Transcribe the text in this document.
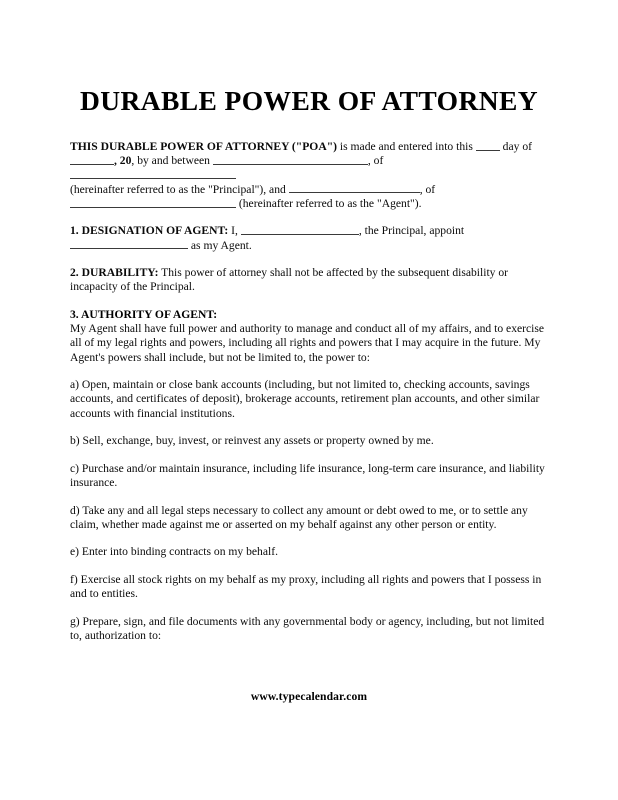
DURABLE POWER OF ATTORNEY

THIS DURABLE POWER OF ATTORNEY ("POA") is made and entered into this  day of , 20, by and between	, of
(hereinafter referred to as the "Principal"), and	, of
(hereinafter referred to as the "Agent").

1. DESIGNATION OF AGENT: I,	, the Principal, appoint
as my Agent.

2. DURABILITY: This power of attorney shall not be affected by the subsequent disability or incapacity of the Principal.

3. AUTHORITY OF AGENT:

My Agent shall have full power and authority to manage and conduct all of my affairs, and to exercise all of my legal rights and powers, including all rights and powers that I may acquire in the future. My Agent's powers shall include, but not be limited to, the power to:

a) Open, maintain or close bank accounts (including, but not limited to, checking accounts, savings accounts, and certificates of deposit), brokerage accounts, retirement plan accounts, and other similar accounts with financial institutions.

b) Sell, exchange, buy, invest, or reinvest any assets or property owned by me.

c) Purchase and/or maintain insurance, including life insurance, long-term care insurance, and liability insurance.

d) Take any and all legal steps necessary to collect any amount or debt owed to me, or to settle any claim, whether made against me or asserted on my behalf against any other person or entity.

e) Enter into binding contracts on my behalf.

f) Exercise all stock rights on my behalf as my proxy, including all rights and powers that I possess in and to entities.

g) Prepare, sign, and file documents with any governmental body or agency, including, but not limited to, authorization to:

www.typecalendar.com
